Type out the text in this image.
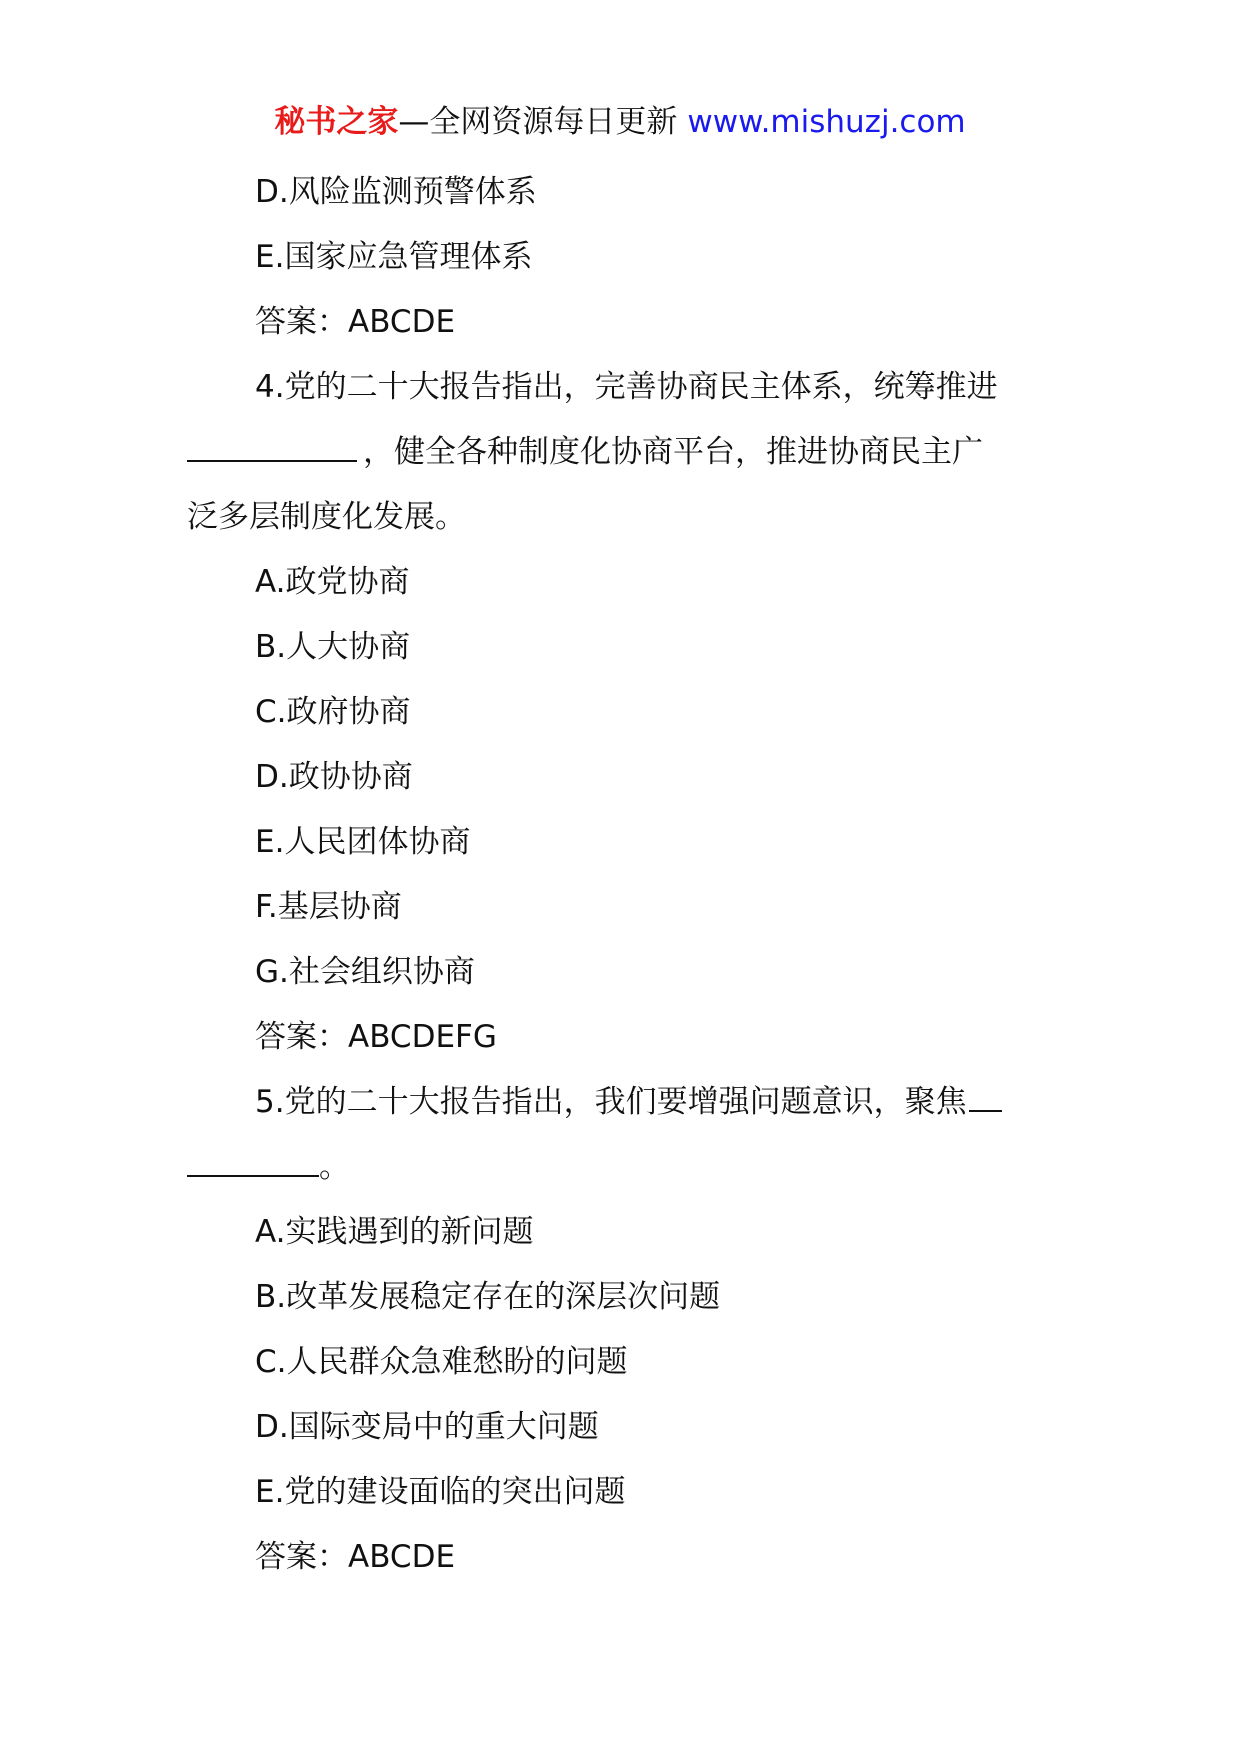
秘书之家—全网资源每日更新 www.mishuzj.com
D.风险监测预警体系
E.国家应急管理体系
答案：ABCDE
4.党的二十大报告指出，完善协商民主体系，统筹推进
，健全各种制度化协商平台，推进协商民主广
泛多层制度化发展。
A.政党协商
B.人大协商
C.政府协商
D.政协协商
E.人民团体协商
F.基层协商
G.社会组织协商
答案：ABCDEFG
5.党的二十大报告指出，我们要增强问题意识，聚焦
。
A.实践遇到的新问题
B.改革发展稳定存在的深层次问题
C.人民群众急难愁盼的问题
D.国际变局中的重大问题
E.党的建设面临的突出问题
答案：ABCDE
